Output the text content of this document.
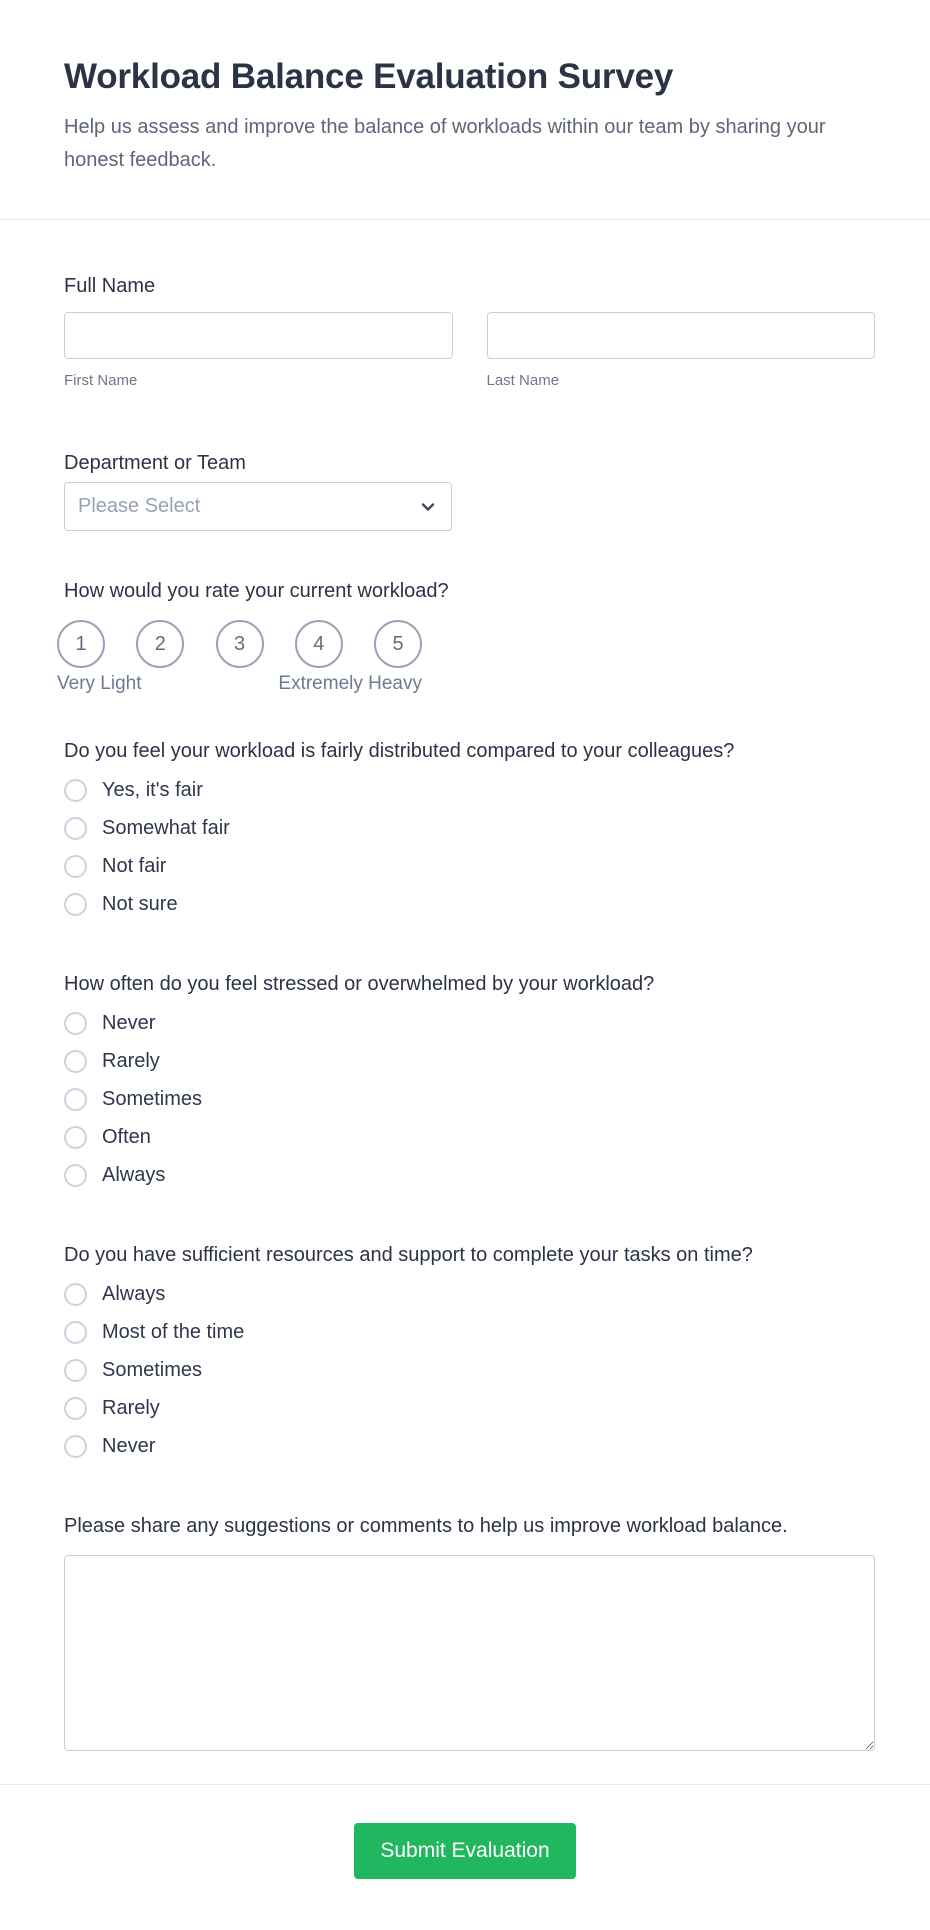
Workload Balance Evaluation Survey
Help us assess and improve the balance of workloads within our team by sharing your honest feedback.
Full Name
First Name	Last Name
Department or Team
Please Select
How would you rate your current workload?
1	2	3	4	5
Very Light	Extremely Heavy
Do you feel your workload is fairly distributed compared to your colleagues?
Yes, it's fair
Somewhat fair
Not fair
Not sure
How often do you feel stressed or overwhelmed by your workload?
Never
Rarely
Sometimes
Often
Always
Do you have sufficient resources and support to complete your tasks on time?
Always
Most of the time
Sometimes
Rarely
Never
Please share any suggestions or comments to help us improve workload balance.
Submit Evaluation
